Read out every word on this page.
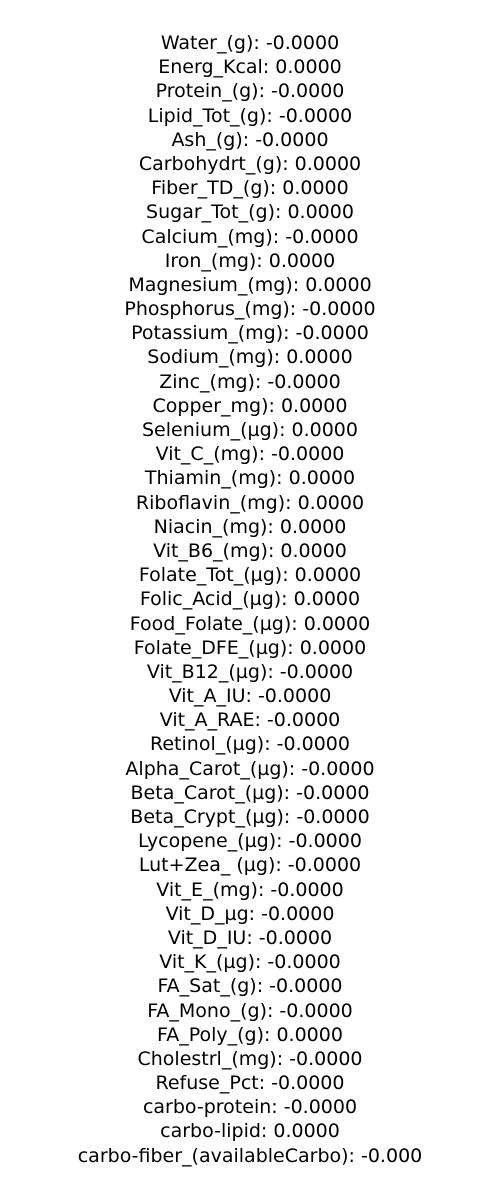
Water_(g): -0.0000
Energ_Kcal: 0.0000
Protein_(g): -0.0000
Lipid_Tot_(g): -0.0000
Ash_(g): -0.0000
Carbohydrt_(g): 0.0000
Fiber_TD_(g): 0.0000
Sugar_Tot_(g): 0.0000
Calcium_(mg): -0.0000
Iron_(mg): 0.0000
Magnesium_(mg): 0.0000
Phosphorus_(mg): -0.0000
Potassium_(mg): -0.0000
Sodium_(mg): 0.0000
Zinc_(mg): -0.0000
Copper_mg): 0.0000
Selenium_(µg): 0.0000
Vit_C_(mg): -0.0000
Thiamin_(mg): 0.0000
Riboflavin_(mg): 0.0000
Niacin_(mg): 0.0000
Vit_B6_(mg): 0.0000
Folate_Tot_(µg): 0.0000
Folic_Acid_(µg): 0.0000
Food_Folate_(µg): 0.0000
Folate_DFE_(µg): 0.0000
Vit_B12_(µg): -0.0000
Vit_A_IU: -0.0000
Vit_A_RAE: -0.0000
Retinol_(µg): -0.0000
Alpha_Carot_(µg): -0.0000
Beta_Carot_(µg): -0.0000
Beta_Crypt_(µg): -0.0000
Lycopene_(µg): -0.0000
Lut+Zea_ (µg): -0.0000
Vit_E_(mg): -0.0000
Vit_D_µg: -0.0000
Vit_D_IU: -0.0000
Vit_K_(µg): -0.0000
FA_Sat_(g): -0.0000
FA_Mono_(g): -0.0000
FA_Poly_(g): 0.0000
Cholestrl_(mg): -0.0000
Refuse_Pct: -0.0000
carbo-protein: -0.0000
carbo-lipid: 0.0000
carbo-fiber_(availableCarbo): -0.000
